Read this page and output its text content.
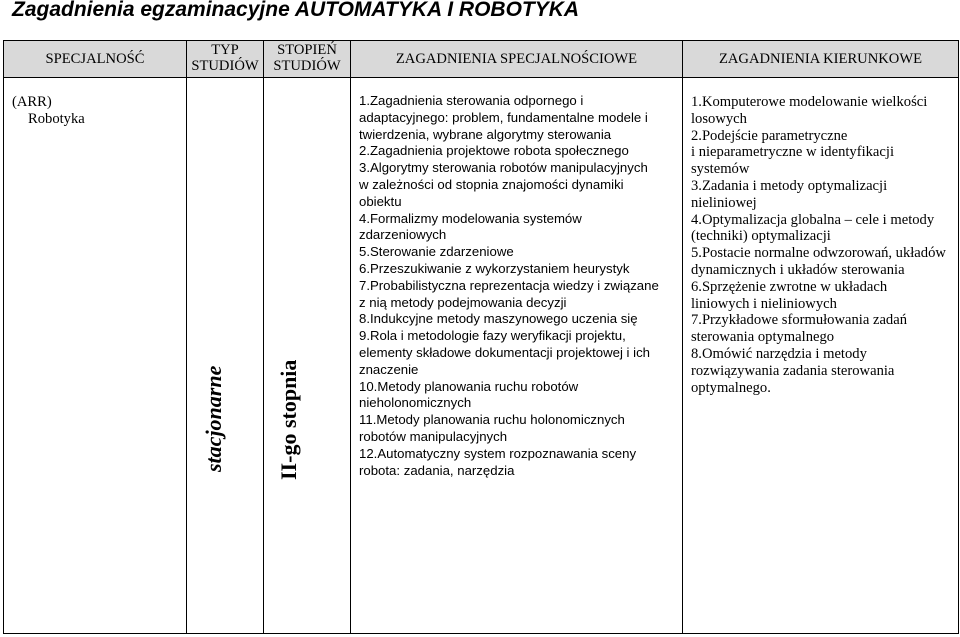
Zagadnienia egzaminacyjne AUTOMATYKA I ROBOTYKA
SPECJALNOŚĆ
TYP
STUDIÓW
STOPIEŃ
STUDIÓW	ZAGADNIENIA SPECJALNOŚCIOWE	ZAGADNIENIA KIERUNKOWE
(ARR)
Robotyka
stacjonarne II-go stopnia
1.Zagadnienia sterowania odpornego i
adaptacyjnego: problem, fundamentalne modele i
twierdzenia, wybrane algorytmy sterowania
2.Zagadnienia projektowe robota społecznego
3.Algorytmy sterowania robotów manipulacyjnych
w zależności od stopnia znajomości dynamiki
obiektu
4.Formalizmy modelowania systemów
zdarzeniowych
5.Sterowanie zdarzeniowe
6.Przeszukiwanie z wykorzystaniem heurystyk
7.Probabilistyczna reprezentacja wiedzy i związane
z nią metody podejmowania decyzji
8.Indukcyjne metody maszynowego uczenia się
9.Rola i metodologie fazy weryfikacji projektu,
elementy składowe dokumentacji projektowej i ich
znaczenie
10.Metody planowania ruchu robotów
nieholonomicznych
11.Metody planowania ruchu holonomicznych
robotów manipulacyjnych
12.Automatyczny system rozpoznawania sceny
robota: zadania, narzędzia
1.Komputerowe modelowanie wielkości
losowych
2.Podejście parametryczne
i nieparametryczne w identyfikacji
systemów
3.Zadania i metody optymalizacji
nieliniowej
4.Optymalizacja globalna – cele i metody
(techniki) optymalizacji
5.Postacie normalne odwzorowań, układów
dynamicznych i układów sterowania
6.Sprzężenie zwrotne w układach
liniowych i nieliniowych
7.Przykładowe sformułowania zadań
sterowania optymalnego
8.Omówić narzędzia i metody
rozwiązywania zadania sterowania
optymalnego.
